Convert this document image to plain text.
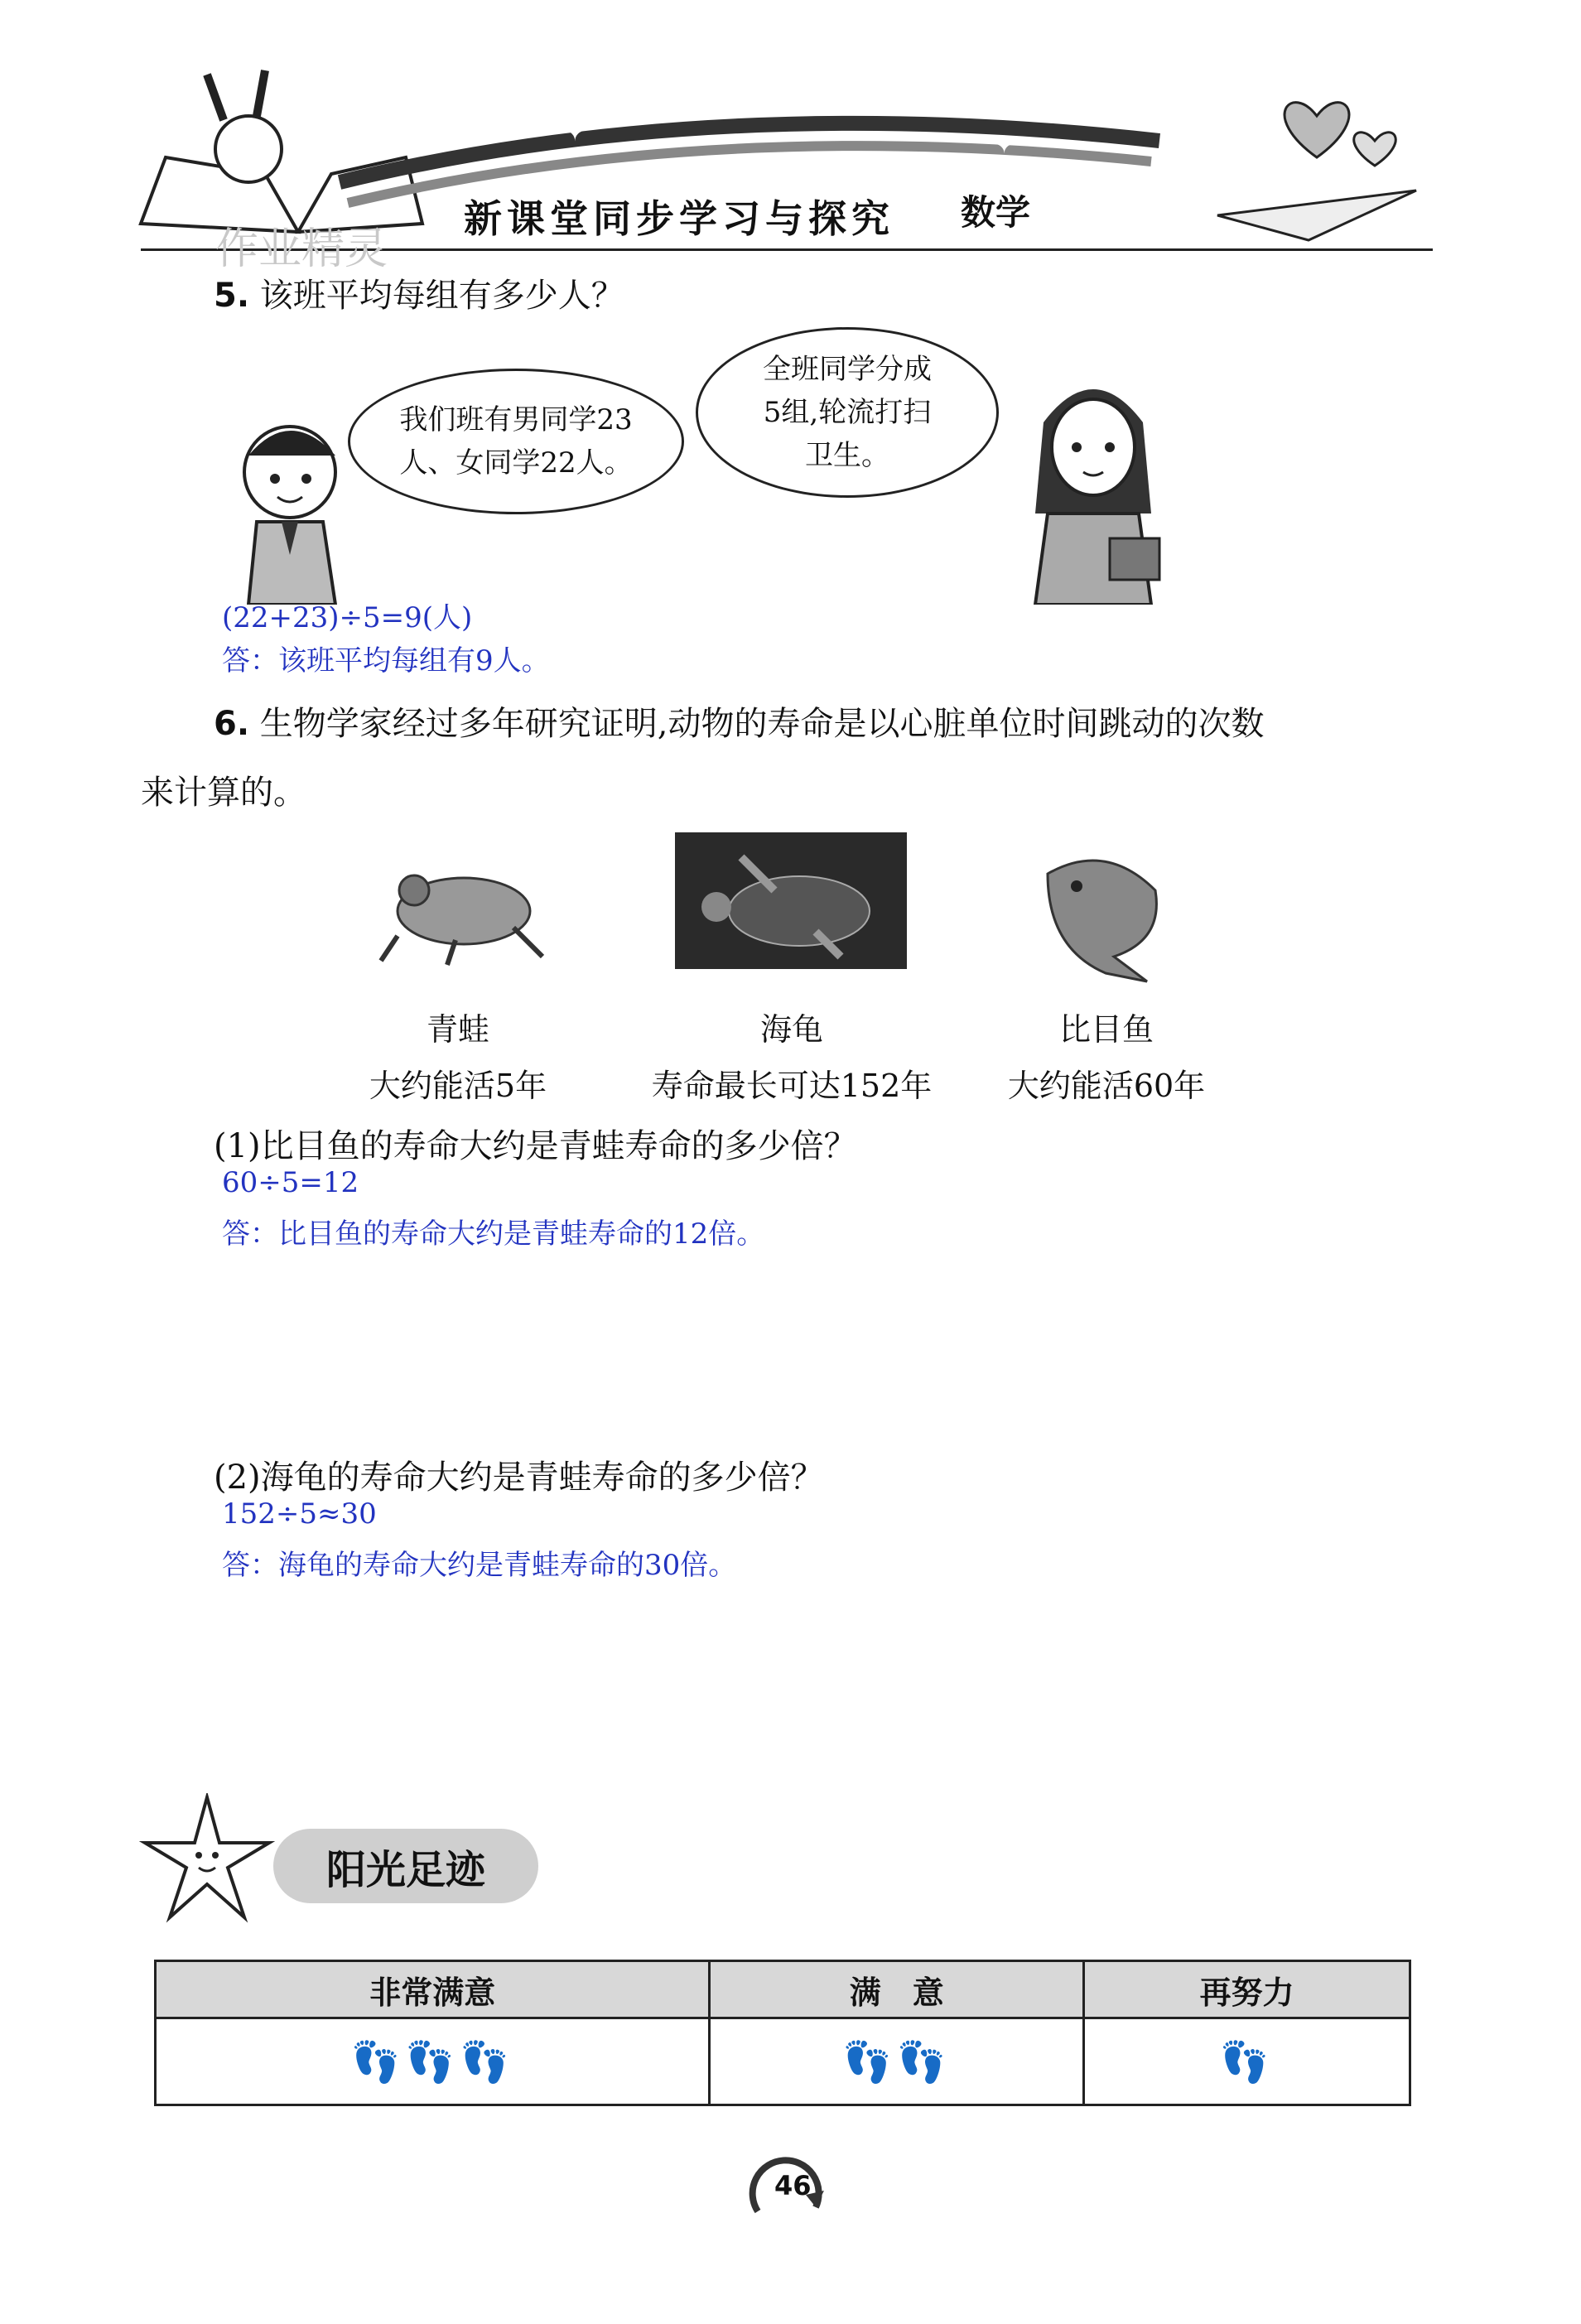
✦	✦
新课堂同步学习与探究 数学
作业精灵
5. 该班平均每组有多少人？
我们班有男同学23
人、女同学22人。
全班同学分成
5组,轮流打扫
卫生。
(22+23)÷5=9(人)
答：该班平均每组有9人。
6. 生物学家经过多年研究证明,动物的寿命是以心脏单位时间跳动的次数
来计算的。
青蛙
大约能活5年
海龟
寿命最长可达152年
比目鱼
大约能活60年
(1)比目鱼的寿命大约是青蛙寿命的多少倍？
60÷5=12
答：比目鱼的寿命大约是青蛙寿命的12倍。
(2)海龟的寿命大约是青蛙寿命的多少倍？
152÷5≈30
答：海龟的寿命大约是青蛙寿命的30倍。
阳光足迹
非常满意	满　意	再努力
👣👣👣	👣👣	👣
46
